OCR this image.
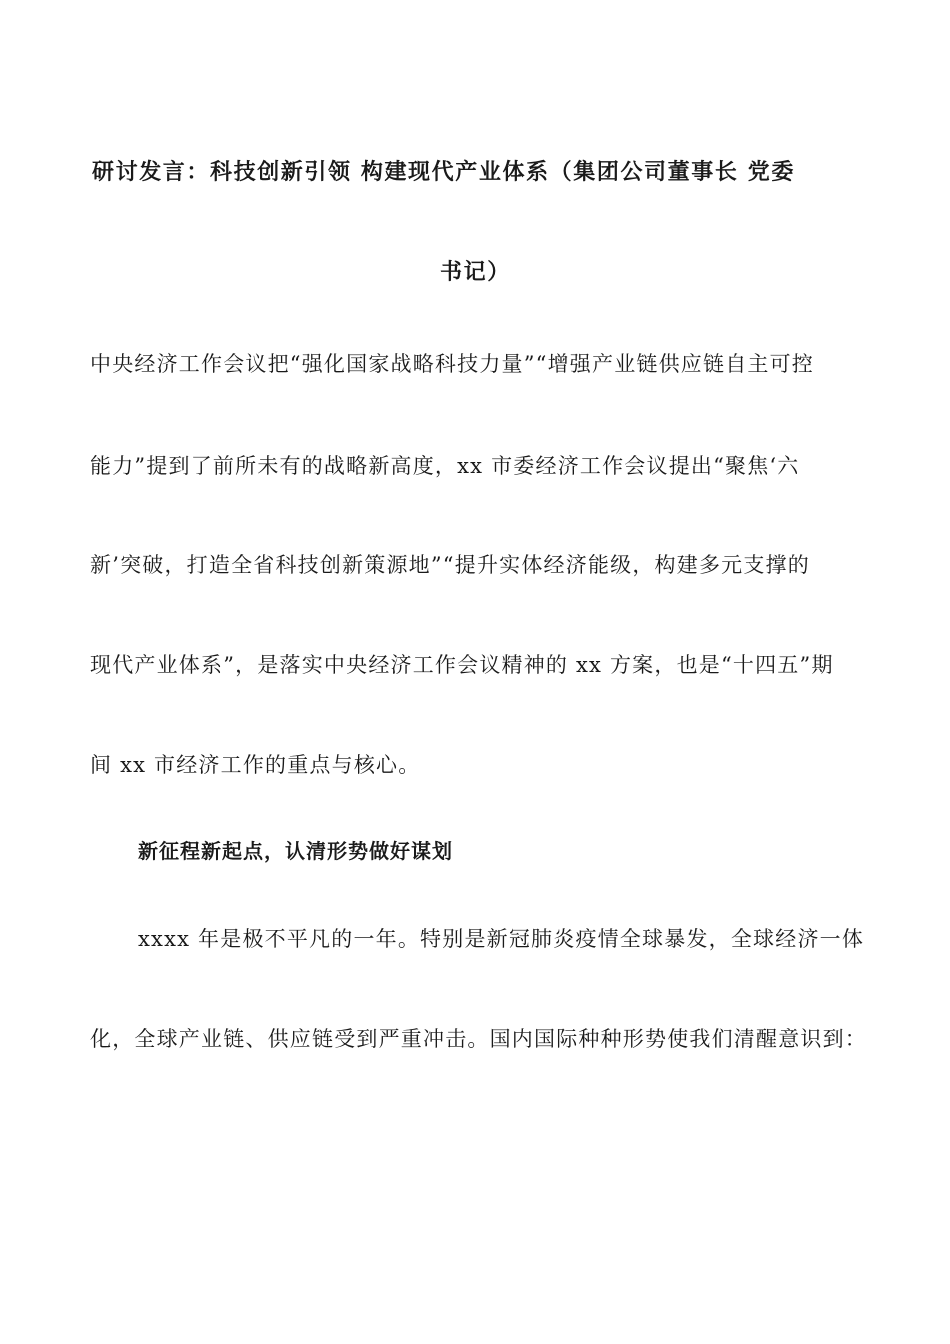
研讨发言：科技创新引领 构建现代产业体系（集团公司董事长 党委
书记）
中央经济工作会议把“强化国家战略科技力量”“增强产业链供应链自主可控
能力”提到了前所未有的战略新高度，xx 市委经济工作会议提出“聚焦‘六
新’突破，打造全省科技创新策源地”“提升实体经济能级，构建多元支撑的
现代产业体系”，是落实中央经济工作会议精神的 xx 方案，也是“十四五”期
间 xx 市经济工作的重点与核心。
新征程新起点，认清形势做好谋划
xxxx 年是极不平凡的一年。特别是新冠肺炎疫情全球暴发，全球经济一体
化，全球产业链、供应链受到严重冲击。国内国际种种形势使我们清醒意识到：
